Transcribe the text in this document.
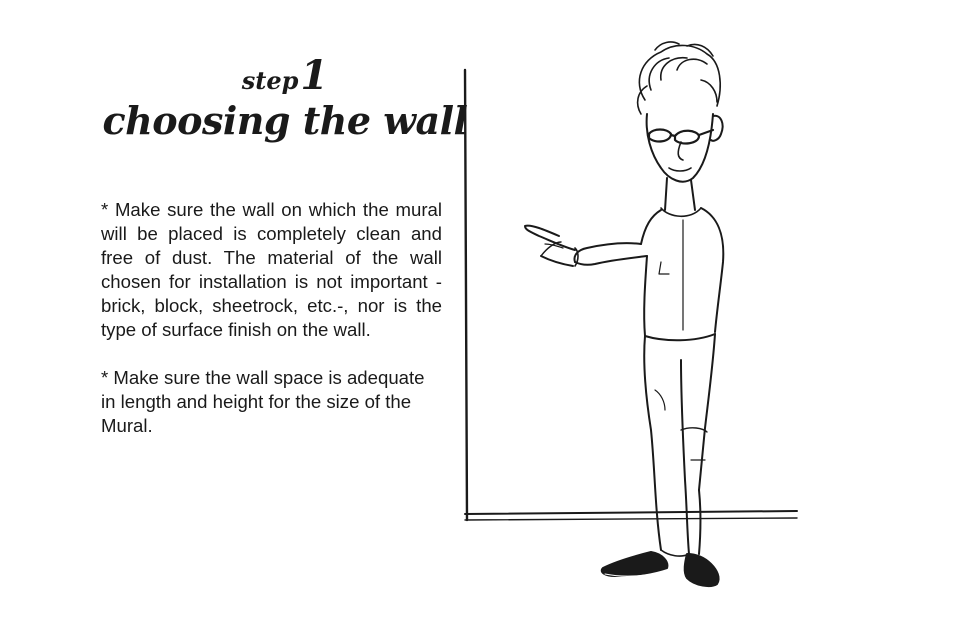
step1
choosing the wall

* Make sure the wall on which the mural will be placed is completely clean and free of dust. The material of the wall chosen for installation is not important - brick, block, sheetrock, etc.-, nor is the type of surface finish on the wall.

* Make sure the wall space is adequate in length and height for the size of the Mural.
